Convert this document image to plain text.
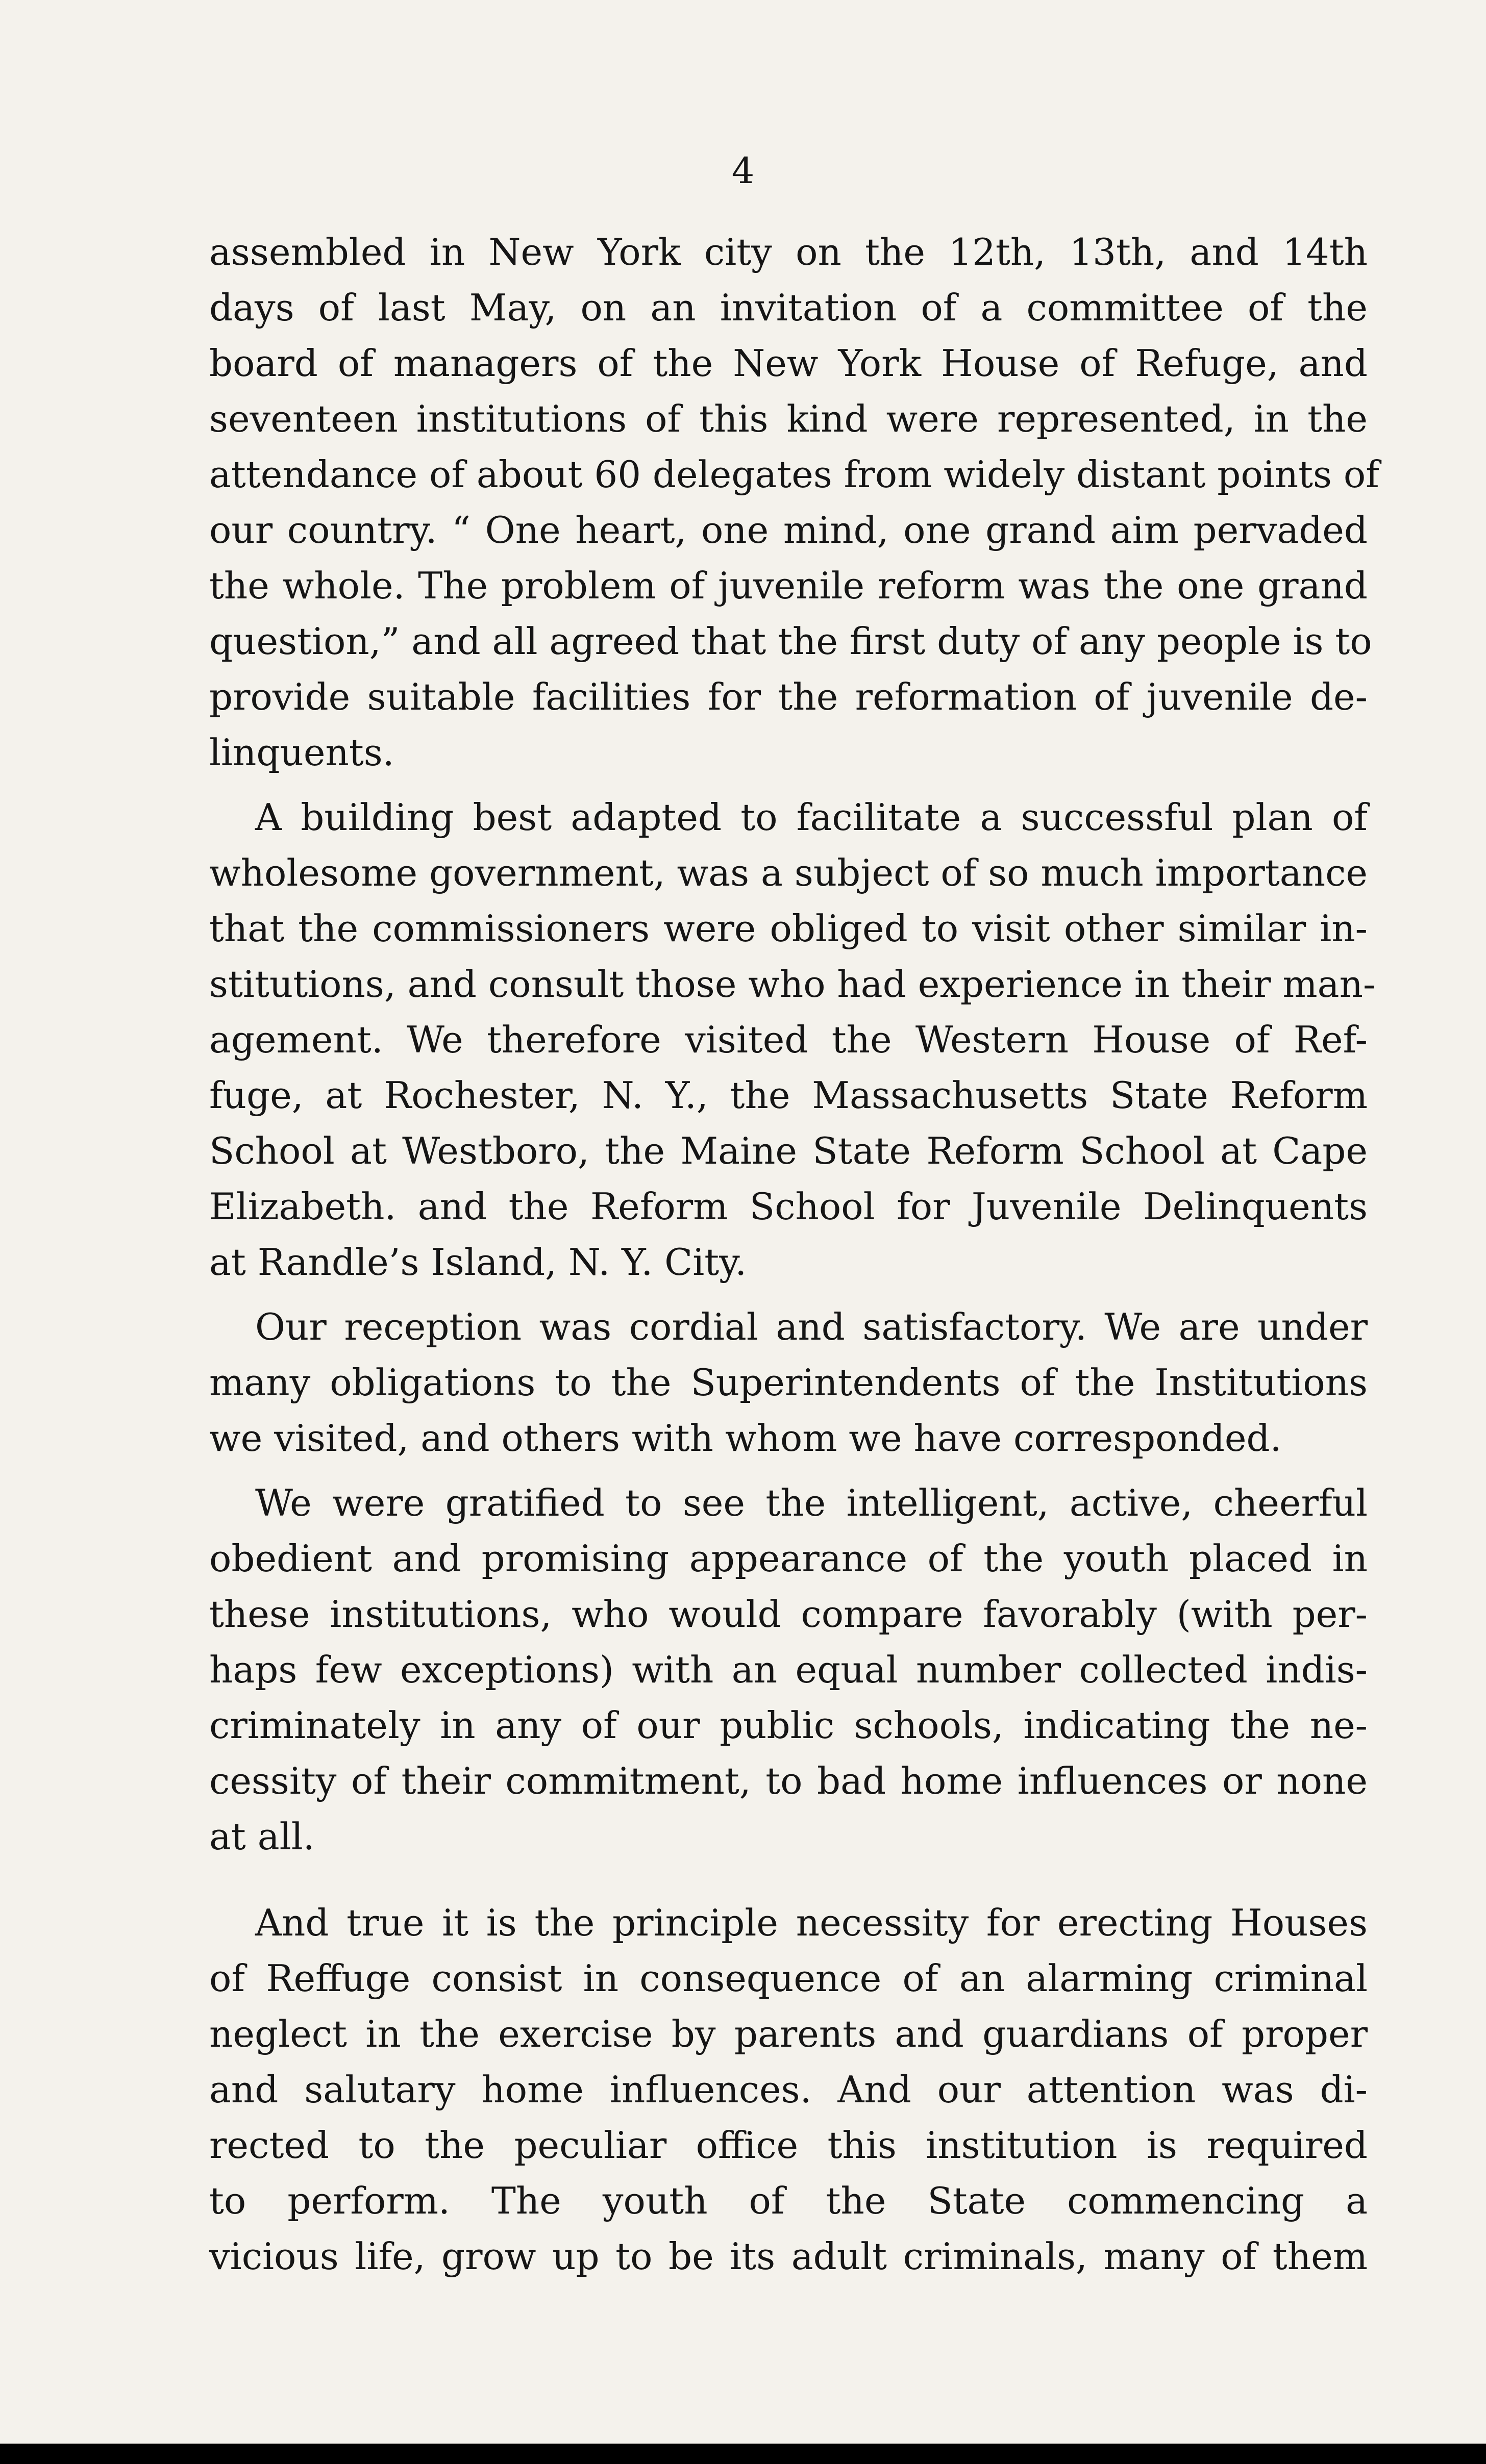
4

assembled in New York city on the 12th, 13th, and 14th
days of last May, on an invitation of a committee of the
board of managers of the New York House of Refuge, and
seventeen institutions of this kind were represented, in the
attendance of about 60 delegates from widely distant points of
our country. “ One heart, one mind, one grand aim pervaded
the whole. The problem of juvenile reform was the one grand
question,” and all agreed that the first duty of any people is to
provide suitable facilities for the reformation of juvenile de-
linquents.

A building best adapted to facilitate a successful plan of
wholesome government, was a subject of so much importance
that the commissioners were obliged to visit other similar in-
stitutions, and consult those who had experience in their man-
agement. We therefore visited the Western House of Ref-
fuge, at Rochester, N. Y., the Massachusetts State Reform
School at Westboro, the Maine State Reform School at Cape
Elizabeth. and the Reform School for Juvenile Delinquents
at Randle’s Island, N. Y. City.

Our reception was cordial and satisfactory. We are under
many obligations to the Superintendents of the Institutions
we visited, and others with whom we have corresponded.

We were gratified to see the intelligent, active, cheerful
obedient and promising appearance of the youth placed in
these institutions, who would compare favorably (with per-
haps few exceptions) with an equal number collected indis-
criminately in any of our public schools, indicating the ne-
cessity of their commitment, to bad home influences or none
at all.

And true it is the principle necessity for erecting Houses
of Reffuge consist in consequence of an alarming criminal
neglect in the exercise by parents and guardians of proper
and salutary home influences. And our attention was di-
rected to the peculiar office this institution is required
to perform. The youth of the State commencing a
vicious life, grow up to be its adult criminals, many of them
